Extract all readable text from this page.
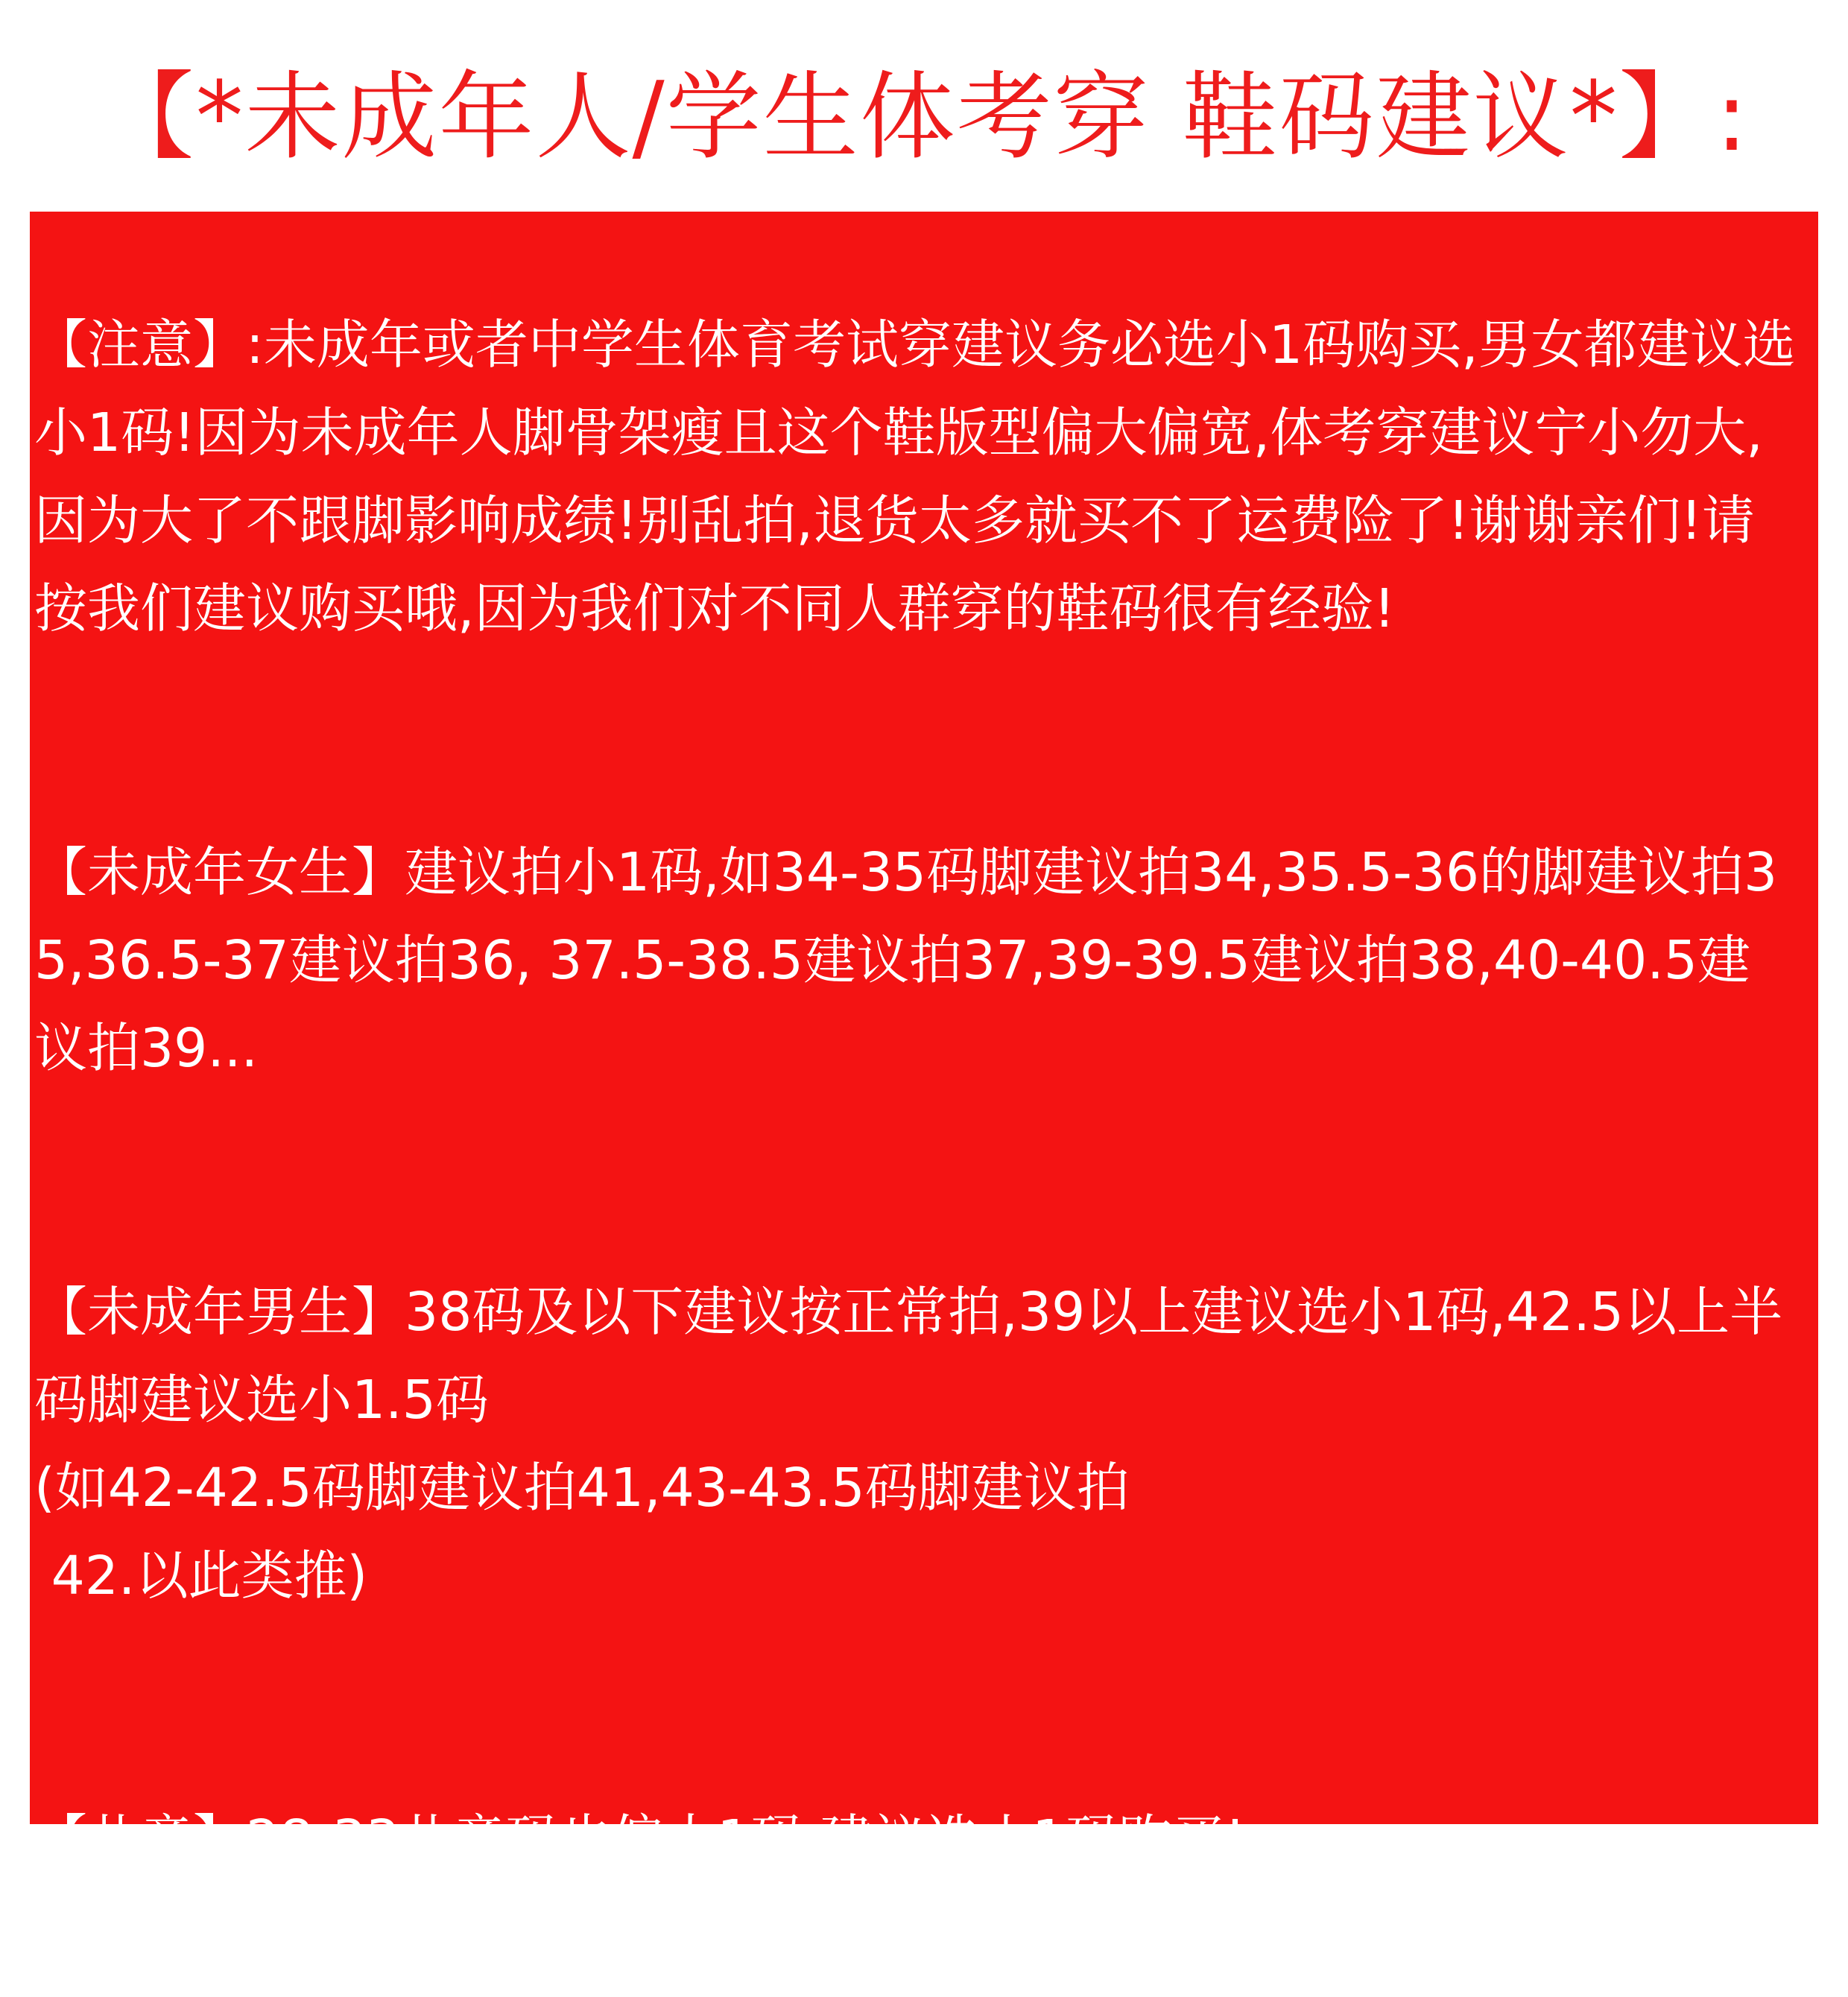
【*未成年人/学生体考穿 鞋码建议*】:

【注意】:未成年或者中学生体育考试穿建议务必选小1码购买,男女都建议选小1码!因为未成年人脚骨架瘦且这个鞋版型偏大偏宽,体考穿建议宁小勿大,因为大了不跟脚影响成绩!别乱拍,退货太多就买不了运费险了!谢谢亲们!请按我们建议购买哦,因为我们对不同人群穿的鞋码很有经验!

【未成年女生】建议拍小1码,如34-35码脚建议拍34,35.5-36的脚建议拍35,36.5-37建议拍36, 37.5-38.5建议拍37,39-39.5建议拍38,40-40.5建议拍39...

【未成年男生】38码及以下建议按正常拍,39以上建议选小1码,42.5以上半码脚建议选小1.5码

(如42-42.5码脚建议拍41,43-43.5码脚建议拍
42.以此类推)

【儿童】28-33儿童码也偏大1码,建议选小1码购买!
